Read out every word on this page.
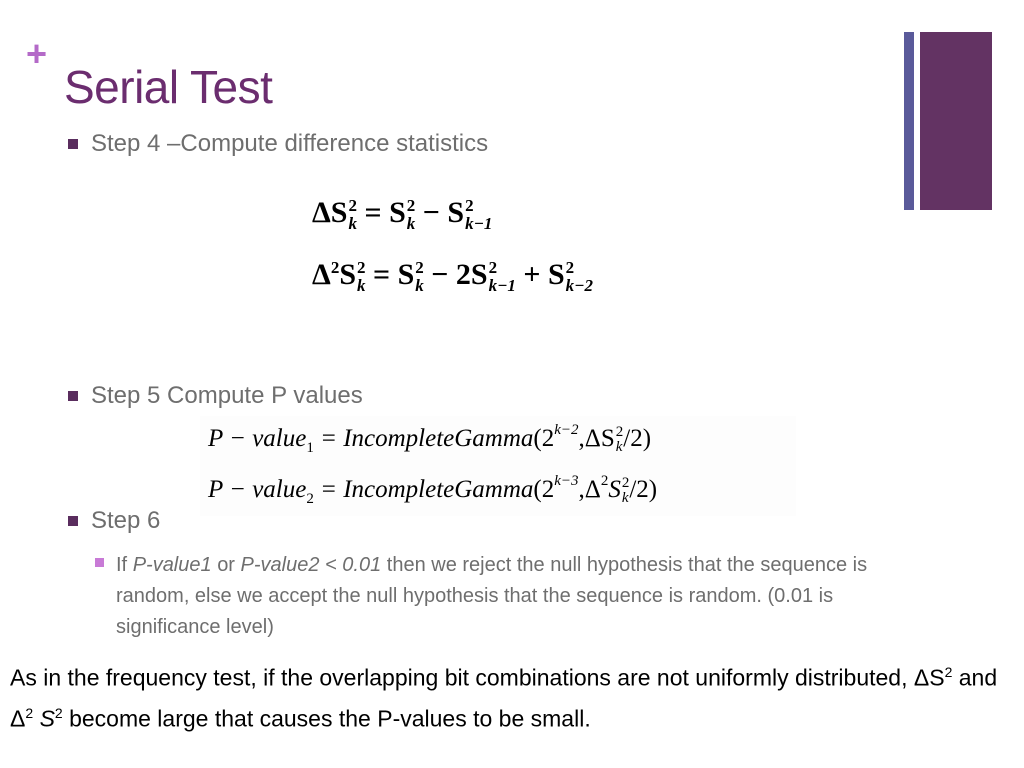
+
Serial Test
Step 4 –Compute difference statistics
ΔS 2
k = S 2
k − S 2
k−1
$\Delta^2S$ 2
k = S 2
k − 2S 2
k−1 + S 2
k−2
Step 5 Compute P values
P − value$_1$ = $IncompleteGamma(2^{k-2},\Delta S$ 2
k /2)
P − value$_2$ = $IncompleteGamma(2^{k-3},\Delta^2S$ 2
k /2)
Step 6
If P-value1 or P-value2 < 0.01 then we reject the null hypothesis that the sequence is random, else we accept the null hypothesis that the sequence is random. (0.01 is significance level)
As in the frequency test, if the overlapping bit combinations are not uniformly distributed, $\Delta S^2$ and $\Delta^2$ $S^2$ become large that causes the P-values to be small.
